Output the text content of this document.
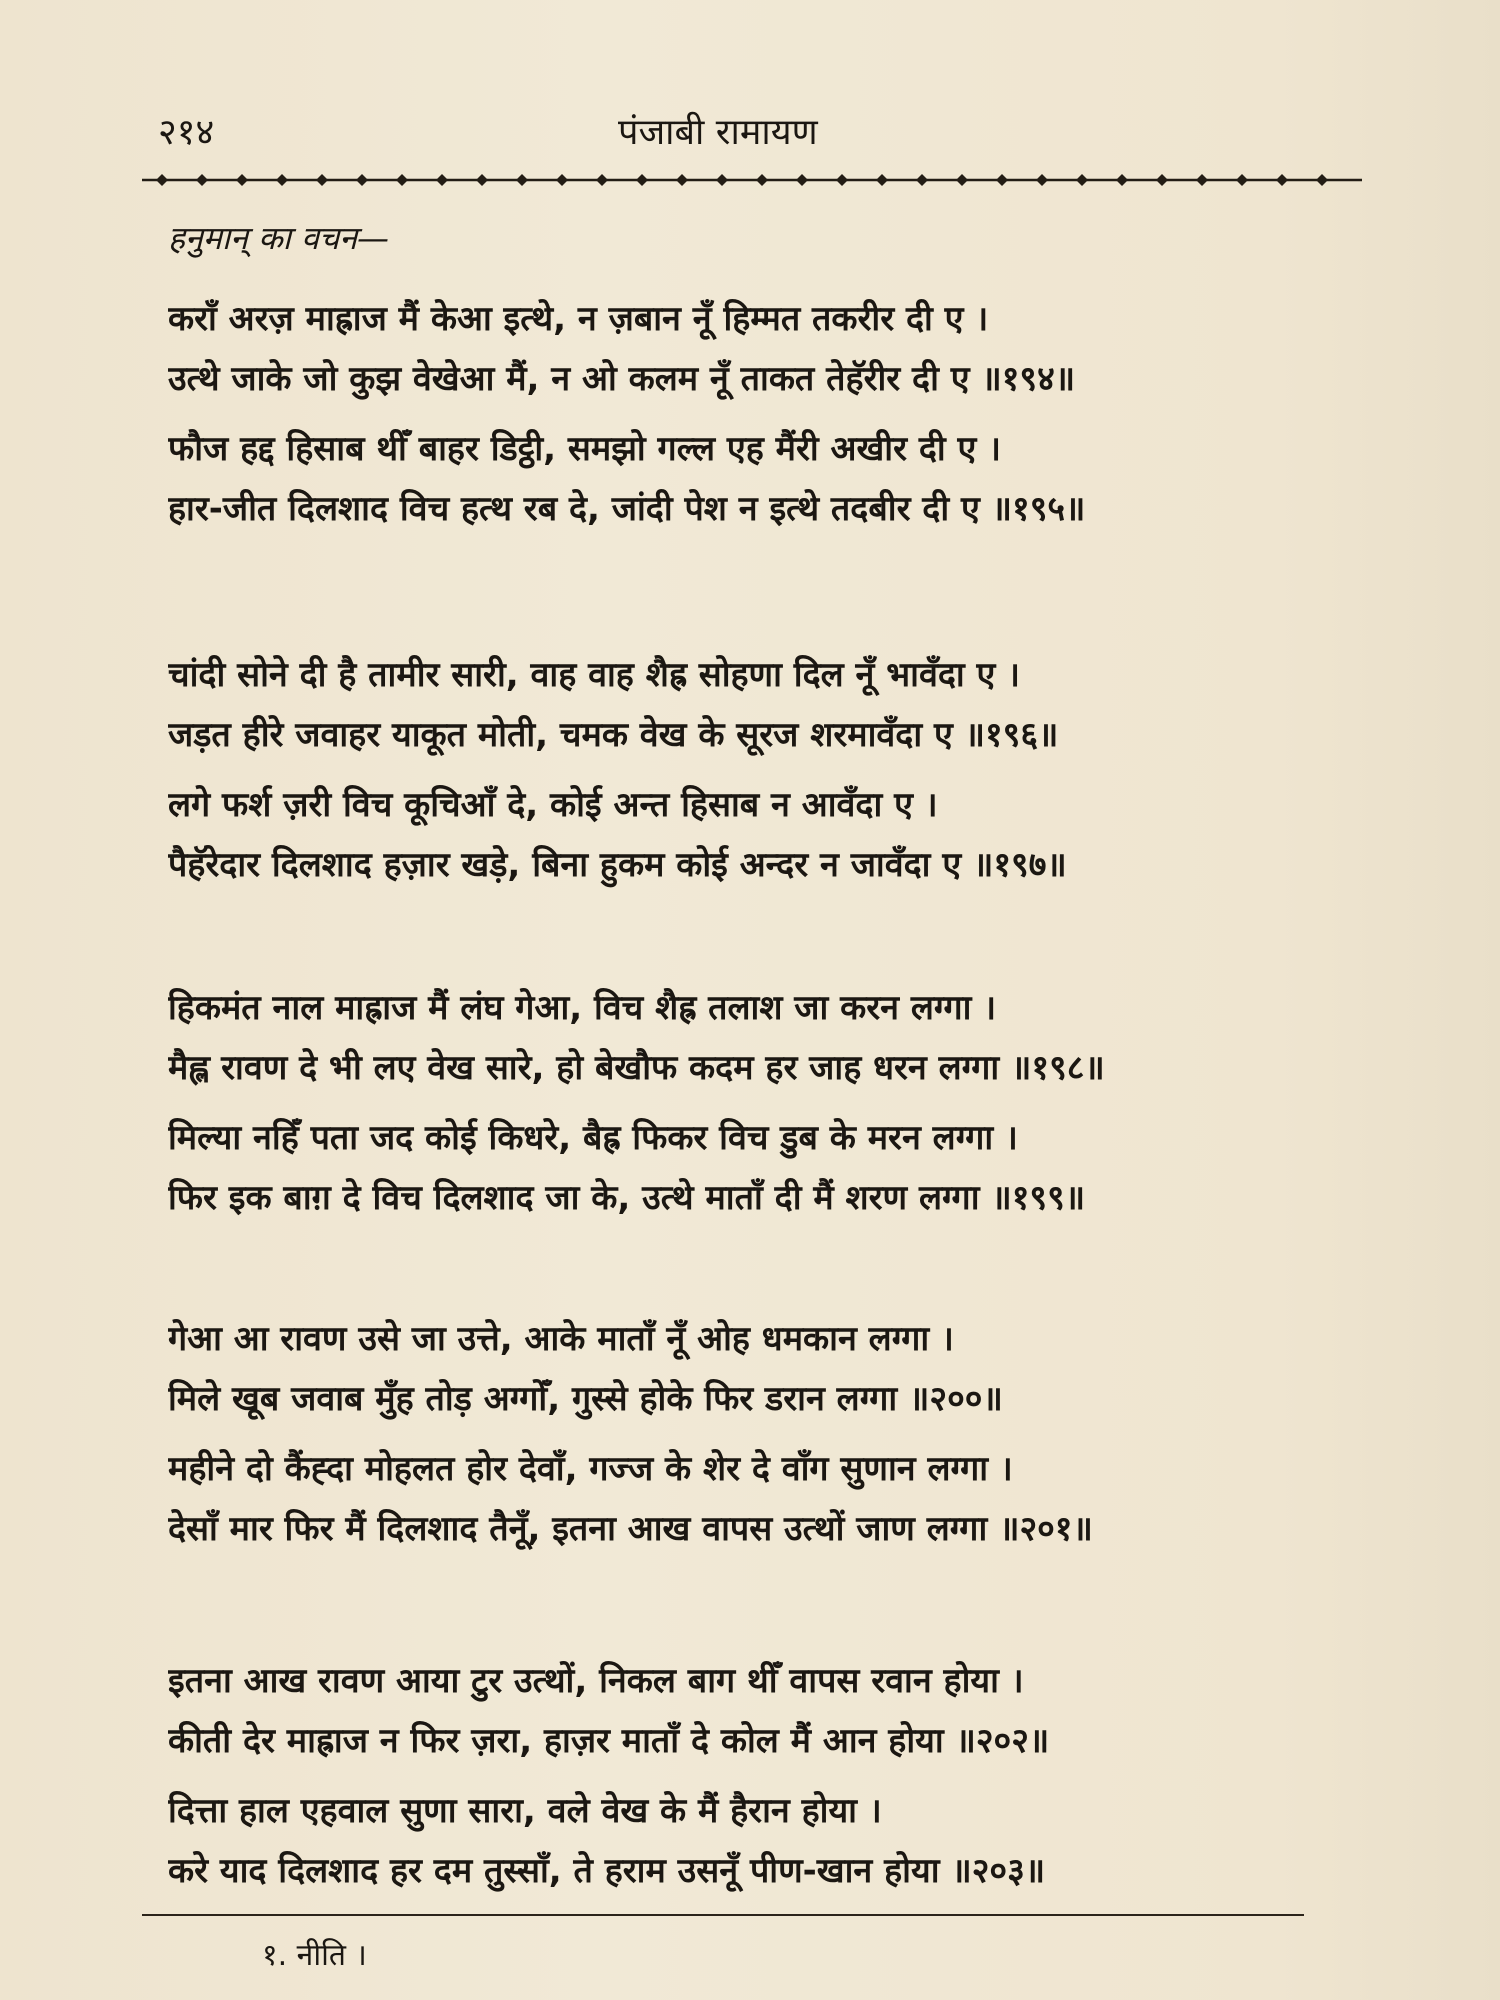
२१४	पंजाबी रामायण
हनुमान् का वचन—
कराँ अरज़ माह्राज मैं केआ इत्थे, न ज़बान नूँ हिम्मत तकरीर दी ए ।
उत्थे जाके जो कुझ वेखेआ मैं, न ओ कलम नूँ ताकत तेहॅरीर दी ए ॥१९४॥
फौज हद्द हिसाब थीँ बाहर डिट्ठी, समझो गल्ल एह मैंरी अखीर दी ए ।
हार-जीत दिलशाद विच हत्थ रब दे, जांदी पेश न इत्थे तदबीर दी ए ॥१९५॥
चांदी सोने दी है तामीर सारी, वाह वाह शैह्र सोहणा दिल नूँ भावँदा ए ।
जड़त हीरे जवाहर याकूत मोती, चमक वेख के सूरज शरमावँदा ए ॥१९६॥
लगे फर्श ज़री विच कूचिआँ दे, कोई अन्त हिसाब न आवँदा ए ।
पैहॅरेदार दिलशाद हज़ार खड़े, बिना हुकम कोई अन्दर न जावँदा ए ॥१९७॥
हिकमंत नाल माह्राज मैं लंघ गेआ, विच शैह्र तलाश जा करन लग्गा ।
मैह्ल रावण दे भी लए वेख सारे, हो बेखौफ कदम हर जाह धरन लग्गा ॥१९८॥
मिल्या नहिँ पता जद कोई किधरे, बैह्र फिकर विच डुब के मरन लग्गा ।
फिर इक बाग़ दे विच दिलशाद जा के, उत्थे माताँ दी मैं शरण लग्गा ॥१९९॥
गेआ आ रावण उसे जा उत्ते, आके माताँ नूँ ओह धमकान लग्गा ।
मिले खूब जवाब मुँह तोड़ अग्गोँ, गुस्से होके फिर डरान लग्गा ॥२००॥
महीने दो कैंह्दा मोहलत होर देवाँ, गज्ज के शेर दे वाँग सुणान लग्गा ।
देसाँ मार फिर मैं दिलशाद तैनूँ, इतना आख वापस उत्थों जाण लग्गा ॥२०१॥
इतना आख रावण आया टुर उत्थों, निकल बाग थीँ वापस रवान होया ।
कीती देर माह्राज न फिर ज़रा, हाज़र माताँ दे कोल मैं आन होया ॥२०२॥
दित्ता हाल एहवाल सुणा सारा, वले वेख के मैं हैरान होया ।
करे याद दिलशाद हर दम तुस्साँ, ते हराम उसनूँ पीण-खान होया ॥२०३॥
१. नीति ।
